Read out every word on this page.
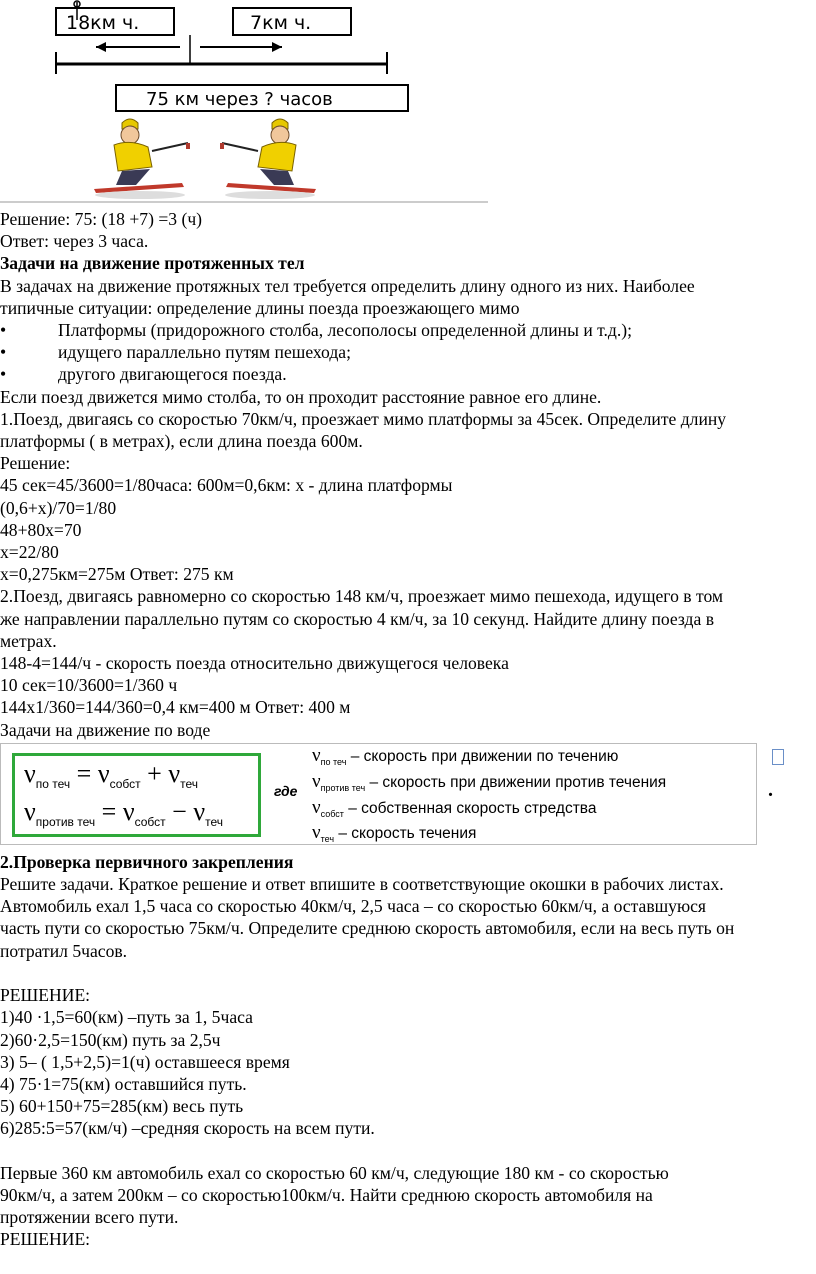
18км ч.	7км ч.
75 км через ? часов

Решение: 75: (18 +7) =3 (ч)

Ответ: через 3 часа.

Задачи на движение протяженных тел

В задачах на движение протяжных тел требуется определить длину одного из них. Наиболее

типичные ситуации: определение длины поезда проезжающего мимо

•	Платформы (придорожного столба, лесополосы определенной длины и т.д.);

•	идущего параллельно путям пешехода;

•	другого двигающегося поезда.

Если поезд движется мимо столба, то он проходит расстояние равное его длине.

1.Поезд, двигаясь со скоростью 70км/ч, проезжает мимо платформы за 45сек. Определите длину

платформы ( в метрах), если длина поезда 600м.

Решение:

45 сек=45/3600=1/80часа: 600м=0,6км: х - длина платформы

(0,6+х)/70=1/80

48+80х=70

х=22/80

х=0,275км=275м Ответ: 275 км

2.Поезд, двигаясь равномерно со скоростью 148 км/ч, проезжает мимо пешехода, идущего в том

же направлении параллельно путям со скоростью 4 км/ч, за 10 секунд. Найдите длину поезда в

метрах.

148-4=144/ч - скорость поезда относительно движущегося человека

10 сек=10/3600=1/360 ч

144х1/360=144/360=0,4 км=400 м Ответ: 400 м

Задачи на движение по воде

$\nu_{по теч} = \nu_{собст} + \nu_{теч}$
$\nu_{против теч} = \nu_{собст} - \nu_{теч}$
где
$\nu_{по теч}$ – скорость при движении по течению
$\nu_{против теч}$ – скорость при движении против течения
$\nu_{собст}$ – собственная скорость стредства
$\nu_{теч}$ – скорость течения
.

2.Проверка первичного закрепления

Решите задачи. Краткое решение и ответ впишите в соответствующие окошки в рабочих листах.

Автомобиль ехал 1,5 часа со скоростью 40км/ч, 2,5 часа – со скоростью 60км/ч, а оставшуюся

часть пути со скоростью 75км/ч. Определите среднюю скорость автомобиля, если на весь путь он

потратил 5часов.

РЕШЕНИЕ:

1)40 ·1,5=60(км) –путь за 1, 5часа

2)60·2,5=150(км) путь за 2,5ч

3) 5– ( 1,5+2,5)=1(ч) оставшееся время

4) 75·1=75(км) оставшийся путь.

5) 60+150+75=285(км) весь путь

6)285:5=57(км/ч) –средняя скорость на всем пути.

Первые 360 км автомобиль ехал со скоростью 60 км/ч, следующие 180 км - со скоростью

90км/ч, а затем 200км – со скоростью100км/ч. Найти среднюю скорость автомобиля на

протяжении всего пути.

РЕШЕНИЕ:
